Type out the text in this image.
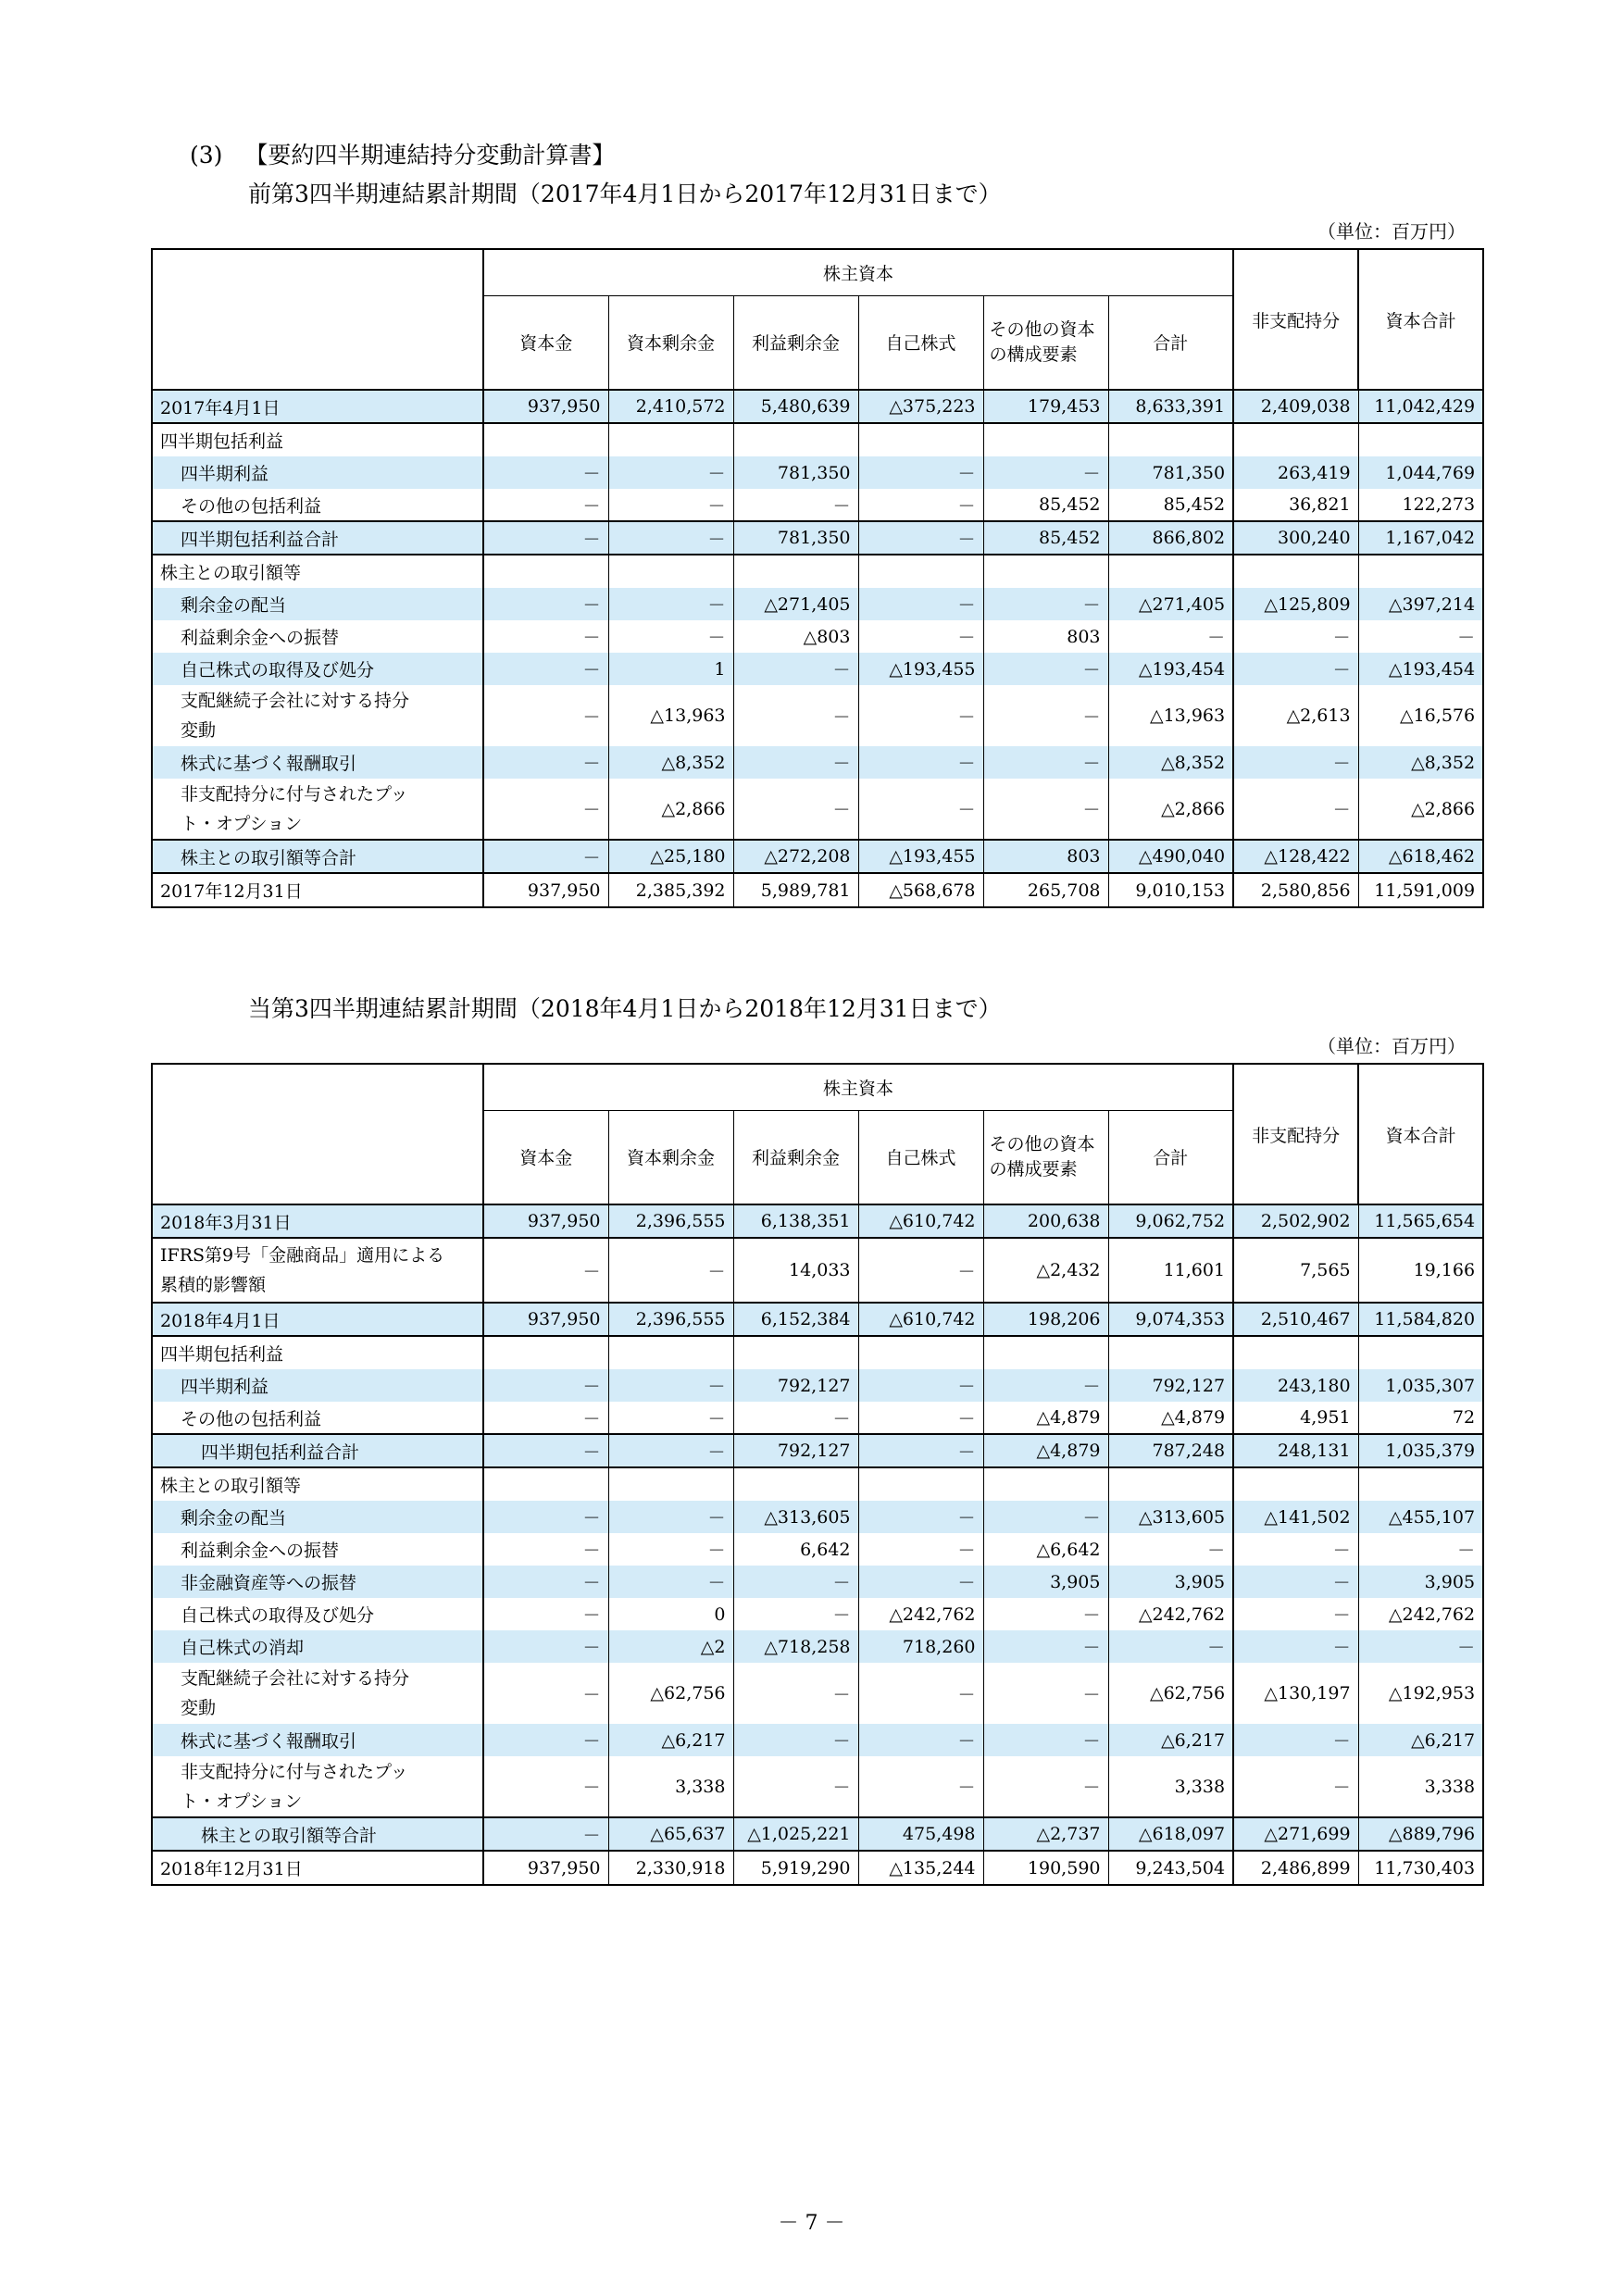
(3) 【要約四半期連結持分変動計算書】
前第3四半期連結累計期間（2017年4月1日から2017年12月31日まで）
（単位：百万円）
	株主資本						非支配持分	資本合計
	資本金	資本剰余金	利益剰余金	自己株式	その他の資本の構成要素	合計		
2017年4月1日	937,950	2,410,572	5,480,639	△375,223	179,453	8,633,391	2,409,038	11,042,429
四半期包括利益								
四半期利益	－	－	781,350	－	－	781,350	263,419	1,044,769
その他の包括利益	－	－	－	－	85,452	85,452	36,821	122,273
四半期包括利益合計	－	－	781,350	－	85,452	866,802	300,240	1,167,042
株主との取引額等								
剰余金の配当	－	－	△271,405	－	－	△271,405	△125,809	△397,214
利益剰余金への振替	－	－	△803	－	803	－	－	－
自己株式の取得及び処分	－	1	－	△193,455	－	△193,454	－	△193,454

支配継続子会社に対する持分変動	－	△13,963	－	－	－	△13,963	△2,613	△16,576
株式に基づく報酬取引	－	△8,352	－	－	－	△8,352	－	△8,352

非支配持分に付与されたプット・オプション	－	△2,866	－	－	－	△2,866	－	△2,866
株主との取引額等合計	－	△25,180	△272,208	△193,455	803	△490,040	△128,422	△618,462
2017年12月31日	937,950	2,385,392	5,989,781	△568,678	265,708	9,010,153	2,580,856	11,591,009
当第3四半期連結累計期間（2018年4月1日から2018年12月31日まで）
（単位：百万円）
	株主資本						非支配持分	資本合計
	資本金	資本剰余金	利益剰余金	自己株式	その他の資本の構成要素	合計		
2018年3月31日	937,950	2,396,555	6,138,351	△610,742	200,638	9,062,752	2,502,902	11,565,654

IFRS第9号「金融商品」適用による累積的影響額	－	－	14,033	－	△2,432	11,601	7,565	19,166
2018年4月1日	937,950	2,396,555	6,152,384	△610,742	198,206	9,074,353	2,510,467	11,584,820
四半期包括利益								
四半期利益	－	－	792,127	－	－	792,127	243,180	1,035,307
その他の包括利益	－	－	－	－	△4,879	△4,879	4,951	72
四半期包括利益合計	－	－	792,127	－	△4,879	787,248	248,131	1,035,379
株主との取引額等								
剰余金の配当	－	－	△313,605	－	－	△313,605	△141,502	△455,107
利益剰余金への振替	－	－	6,642	－	△6,642	－	－	－
非金融資産等への振替	－	－	－	－	3,905	3,905	－	3,905
自己株式の取得及び処分	－	0	－	△242,762	－	△242,762	－	△242,762
自己株式の消却	－	△2	△718,258	718,260	－	－	－	－

支配継続子会社に対する持分変動	－	△62,756	－	－	－	△62,756	△130,197	△192,953
株式に基づく報酬取引	－	△6,217	－	－	－	△6,217	－	△6,217

非支配持分に付与されたプット・オプション	－	3,338	－	－	－	3,338	－	3,338
株主との取引額等合計	－	△65,637	△1,025,221	475,498	△2,737	△618,097	△271,699	△889,796
2018年12月31日	937,950	2,330,918	5,919,290	△135,244	190,590	9,243,504	2,486,899	11,730,403
－ 7 －
